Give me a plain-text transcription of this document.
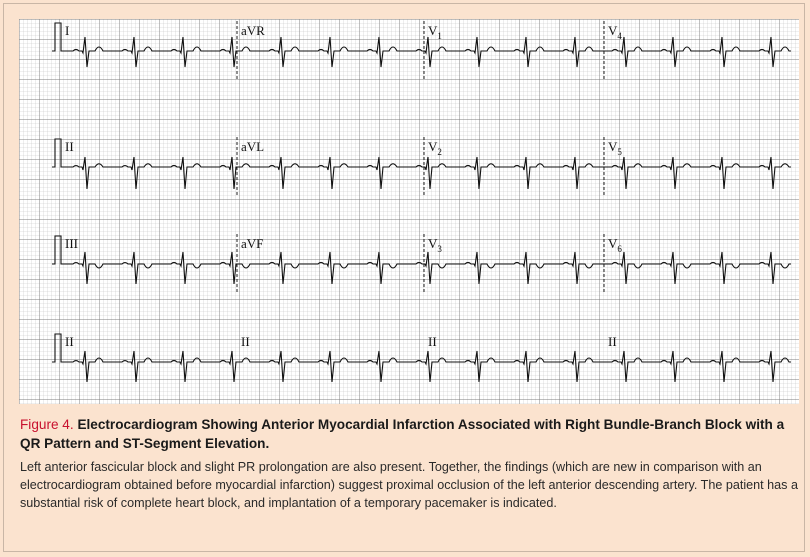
I	aVR	$V_1$	$V_4$
II	aVL	$V_2$	$V_5$
III	aVF	$V_3$	$V_6$
II	II	II	II

Figure 4. Electrocardiogram Showing Anterior Myocardial Infarction Associated with Right Bundle-Branch Block with a QR Pattern and ST-Segment Elevation.

Left anterior fascicular block and slight PR prolongation are also present. Together, the findings (which are new in comparison with an electrocardiogram obtained before myocardial infarction) suggest proximal occlusion of the left anterior descending artery. The patient has a substantial risk of complete heart block, and implantation of a temporary pacemaker is indicated.
